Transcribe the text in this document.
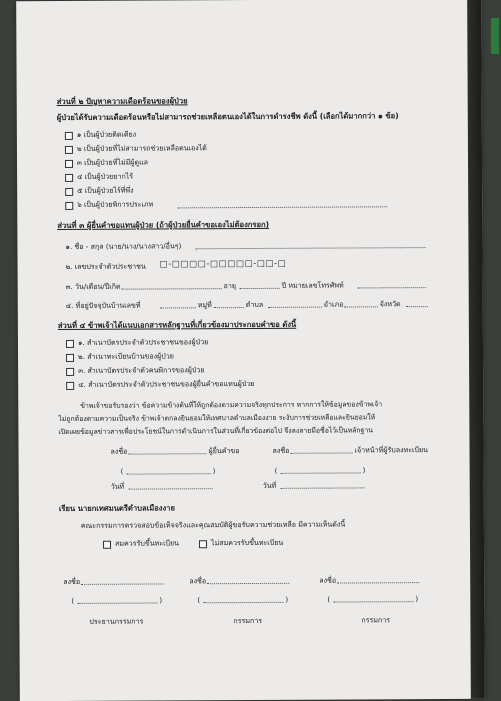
ส่วนที่ ๒ ปัญหาความเดือดร้อนของผู้ป่วย
ผู้ป่วยได้รับความเดือดร้อนหรือไม่สามารถช่วยเหลือตนเองได้ในการดำรงชีพ ดังนี้ (เลือกได้มากกว่า ๑ ข้อ)
๑ เป็นผู้ป่วยติดเตียง
๒ เป็นผู้ป่วยที่ไม่สามารถช่วยเหลือตนเองได้
๓ เป็นผู้ป่วยที่ไม่มีผู้ดูแล
๔ เป็นผู้ป่วยยากไร้
๕ เป็นผู้ป่วยไร้ที่พึ่ง
๖ เป็นผู้ป่วยพิการประเภท
ส่วนที่ ๓ ผู้ยื่นคำขอแทนผู้ป่วย (ถ้าผู้ป่วยยื่นคำขอเองไม่ต้องกรอก)
๑. ชื่อ - สกุล (นาย/นาง/นางสาว/อื่นๆ)
๒. เลขประจำตัวประชาชน □-□□□□-□□□□□-□□-□
๓. วัน/เดือน/ปีเกิด	อายุ	ปี หมายเลขโทรศัพท์
๔. ที่อยู่ปัจจุบันบ้านเลขที่	หมู่ที่	ตำบล	อำเภอ	จังหวัด
ส่วนที่ ๔ ข้าพเจ้าได้แนบเอกสารหลักฐานที่เกี่ยวข้องมาประกอบคำขอ ดังนี้
๑. สำเนาบัตรประจำตัวประชาชนของผู้ป่วย
๒. สำเนาทะเบียนบ้านของผู้ป่วย
๓. สำเนาบัตรประจำตัวคนพิการของผู้ป่วย
๔. สำเนาบัตรประจำตัวประชาชนของผู้ยื่นคำขอแทนผู้ป่วย
ข้าพเจ้าขอรับรองว่า ข้อความข้างต้นที่ให้ถูกต้องตามความจริงทุกประการ หากการให้ข้อมูลของข้าพเจ้า
ไม่ถูกต้องตามความเป็นจริง ข้าพเจ้าตกลงยินยอมให้เทศบาลตำบลเมืองงาย ระงับการช่วยเหลือและยินยอมให้
เปิดเผยข้อมูลข่าวสารเพื่อประโยชน์ในการดำเนินการในส่วนที่เกี่ยวข้องต่อไป จึงลงลายมือชื่อไว้เป็นหลักฐาน
ลงชื่อ	ผู้ยื่นคำขอ	ลงชื่อ	เจ้าหน้าที่ผู้รับลงทะเบียน
(	)	(	)
วันที่	วันที่
เรียน นายกเทศมนตรีตำบลเมืองงาย
คณะกรรมการตรวจสอบข้อเท็จจริงและคุณสมบัติผู้ขอรับความช่วยเหลือ มีความเห็นดังนี้
สมควรรับขึ้นทะเบียน	ไม่สมควรรับขึ้นทะเบียน
ลงชื่อ	ลงชื่อ	ลงชื่อ
(	)	(	)	(	)
ประธานกรรมการ	กรรมการ	กรรมการ
